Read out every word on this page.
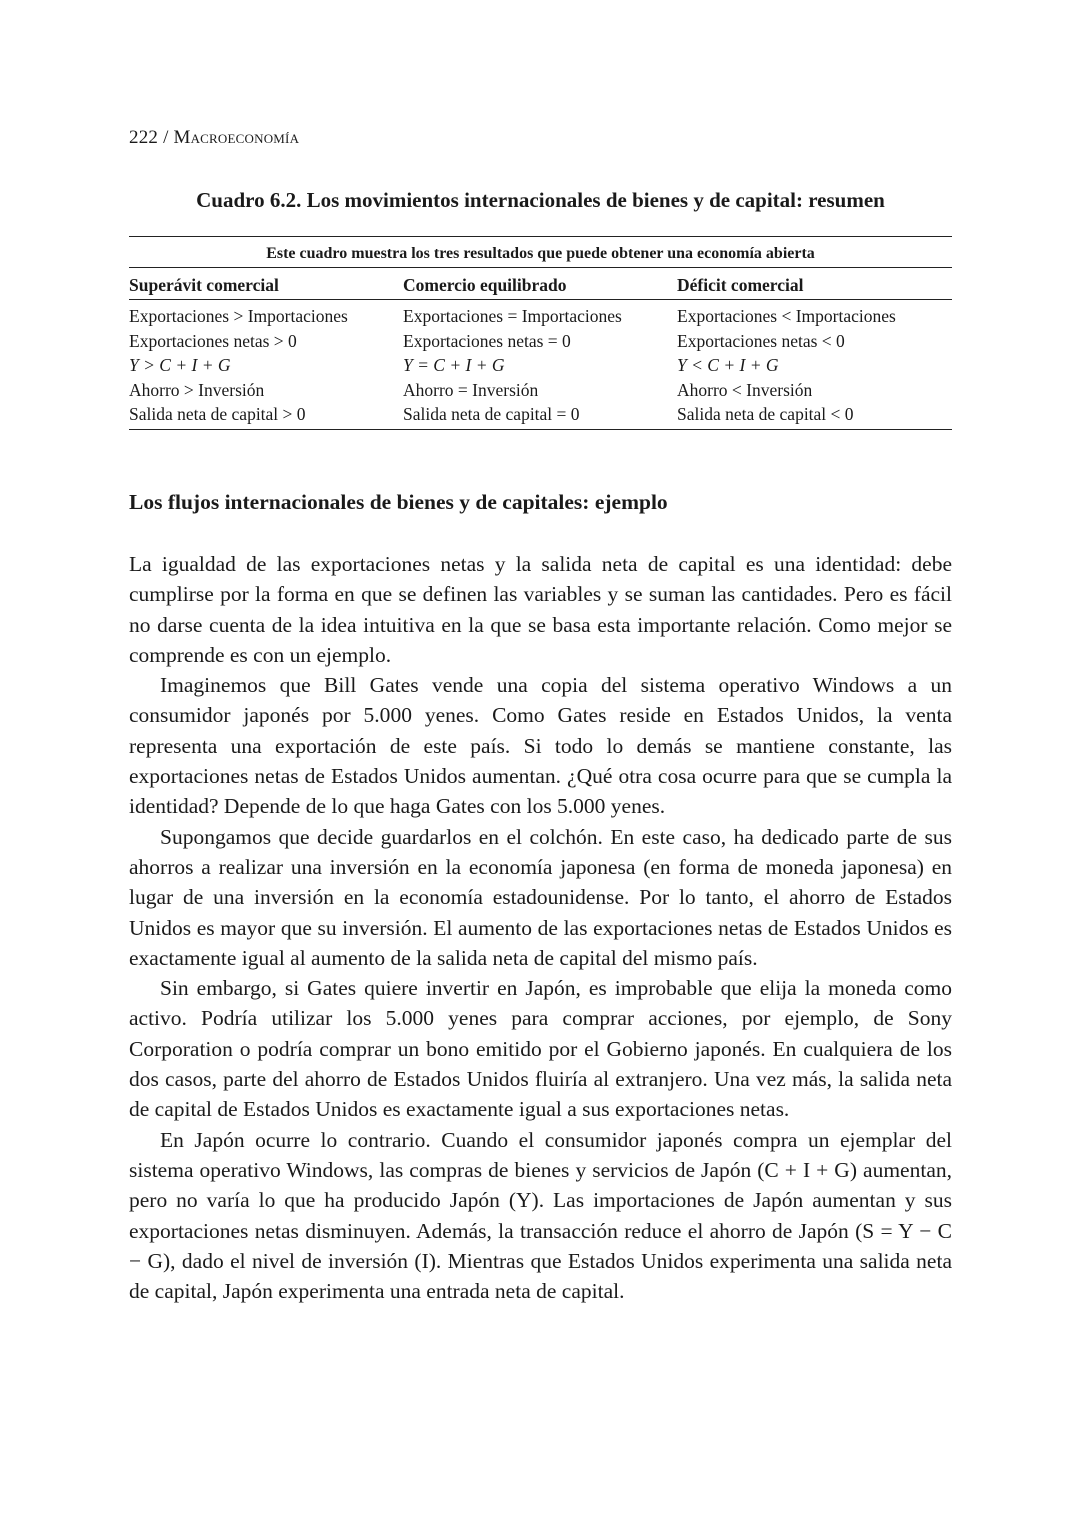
222 / Macroeconomía
Cuadro 6.2. Los movimientos internacionales de bienes y de capital: resumen
Este cuadro muestra los tres resultados que puede obtener una economía abierta
Superávit comercial	Comercio equilibrado	Déficit comercial
Exportaciones > Importaciones	Exportaciones = Importaciones	Exportaciones < Importaciones
Exportaciones netas > 0	Exportaciones netas = 0	Exportaciones netas < 0
Y > C + I + G	Y = C + I + G	Y < C + I + G
Ahorro > Inversión	Ahorro = Inversión	Ahorro < Inversión
Salida neta de capital > 0	Salida neta de capital = 0	Salida neta de capital < 0
Los flujos internacionales de bienes y de capitales: ejemplo

La igualdad de las exportaciones netas y la salida neta de capital es una identidad: debe cumplirse por la forma en que se definen las variables y se suman las cantidades. Pero es fácil no darse cuenta de la idea intuitiva en la que se basa esta importante relación. Como mejor se comprende es con un ejemplo.

Imaginemos que Bill Gates vende una copia del sistema operativo Windows a un consumidor japonés por 5.000 yenes. Como Gates reside en Estados Unidos, la venta representa una exportación de este país. Si todo lo demás se mantiene constante, las exportaciones netas de Estados Unidos aumentan. ¿Qué otra cosa ocurre para que se cumpla la identidad? Depende de lo que haga Gates con los 5.000 yenes.

Supongamos que decide guardarlos en el colchón. En este caso, ha dedicado parte de sus ahorros a realizar una inversión en la economía japonesa (en forma de moneda japonesa) en lugar de una inversión en la economía estadounidense. Por lo tanto, el ahorro de Estados Unidos es mayor que su inversión. El aumento de las exportaciones netas de Estados Unidos es exactamente igual al aumento de la salida neta de capital del mismo país.

Sin embargo, si Gates quiere invertir en Japón, es improbable que elija la moneda como activo. Podría utilizar los 5.000 yenes para comprar acciones, por ejemplo, de Sony Corporation o podría comprar un bono emitido por el Gobierno japonés. En cualquiera de los dos casos, parte del ahorro de Estados Unidos fluiría al extranjero. Una vez más, la salida neta de capital de Estados Unidos es exactamente igual a sus exportaciones netas.

En Japón ocurre lo contrario. Cuando el consumidor japonés compra un ejemplar del sistema operativo Windows, las compras de bienes y servicios de Japón (C + I + G) aumentan, pero no varía lo que ha producido Japón (Y). Las importaciones de Japón aumentan y sus exportaciones netas disminuyen. Además, la transacción reduce el ahorro de Japón (S = Y − C − G), dado el nivel de inversión (I). Mientras que Estados Unidos experimenta una salida neta de capital, Japón experimenta una entrada neta de capital.
